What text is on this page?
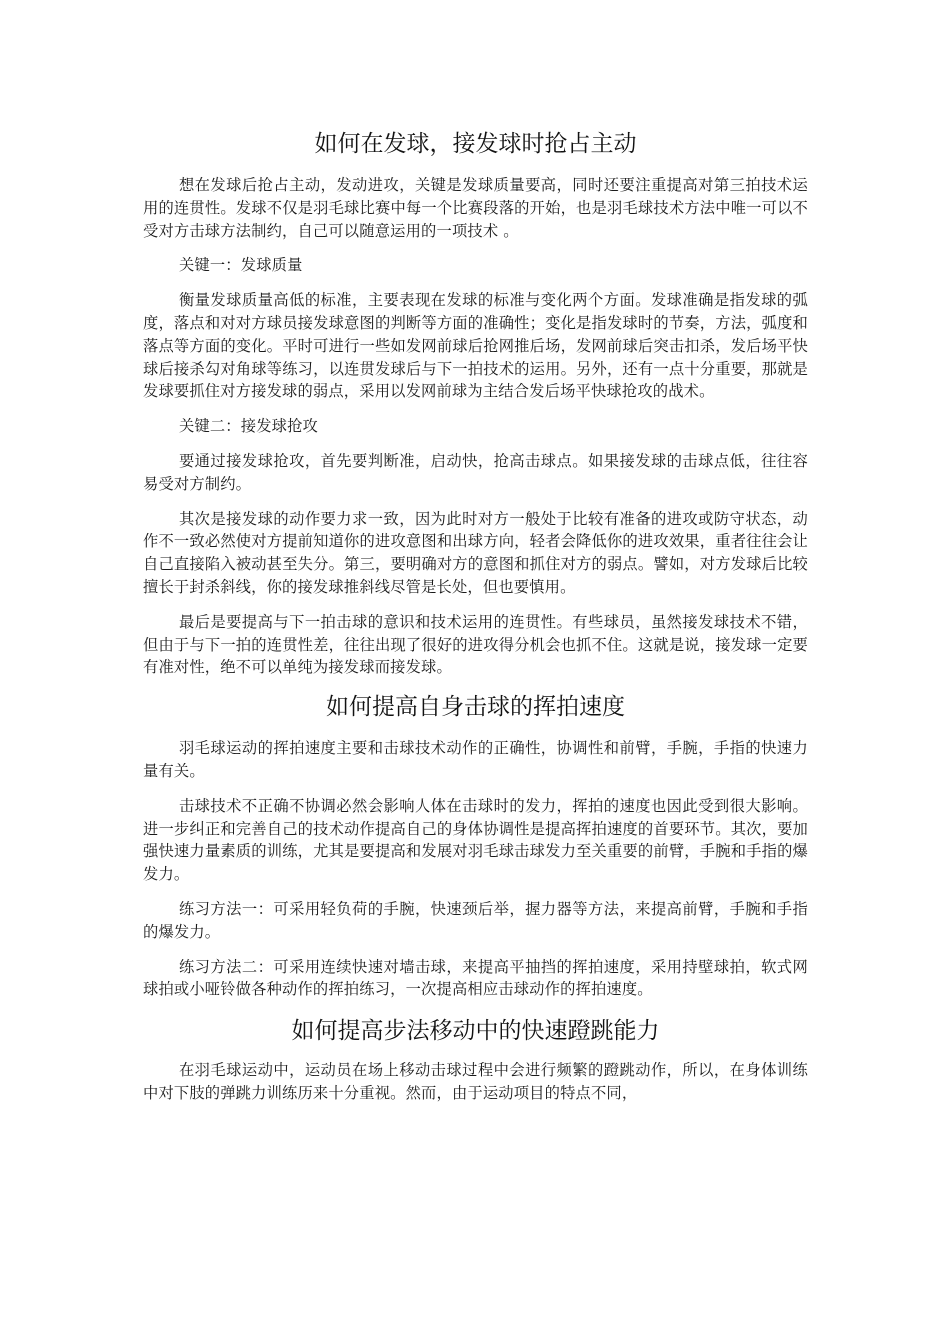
如何在发球，接发球时抢占主动

想在发球后抢占主动，发动进攻，关键是发球质量要高，同时还要注重提高对第三拍技术运用的连贯性。发球不仅是羽毛球比赛中每一个比赛段落的开始，也是羽毛球技术方法中唯一可以不受对方击球方法制约，自己可以随意运用的一项技术 。

关键一：发球质量

衡量发球质量高低的标准，主要表现在发球的标准与变化两个方面。发球准确是指发球的弧度，落点和对对方球员接发球意图的判断等方面的准确性；变化是指发球时的节奏，方法，弧度和落点等方面的变化。平时可进行一些如发网前球后抢网推后场，发网前球后突击扣杀，发后场平快球后接杀勾对角球等练习，以连贯发球后与下一拍技术的运用。另外，还有一点十分重要，那就是发球要抓住对方接发球的弱点，采用以发网前球为主结合发后场平快球抢攻的战术。

关键二：接发球抢攻

要通过接发球抢攻，首先要判断准，启动快，抢高击球点。如果接发球的击球点低，往往容易受对方制约。

其次是接发球的动作要力求一致，因为此时对方一般处于比较有准备的进攻或防守状态，动作不一致必然使对方提前知道你的进攻意图和出球方向，轻者会降低你的进攻效果，重者往往会让自己直接陷入被动甚至失分。第三，要明确对方的意图和抓住对方的弱点。譬如，对方发球后比较擅长于封杀斜线，你的接发球推斜线尽管是长处，但也要慎用。

最后是要提高与下一拍击球的意识和技术运用的连贯性。有些球员，虽然接发球技术不错，但由于与下一拍的连贯性差，往往出现了很好的进攻得分机会也抓不住。这就是说，接发球一定要有准对性，绝不可以单纯为接发球而接发球。

如何提高自身击球的挥拍速度

羽毛球运动的挥拍速度主要和击球技术动作的正确性，协调性和前臂，手腕，手指的快速力量有关。

击球技术不正确不协调必然会影响人体在击球时的发力，挥拍的速度也因此受到很大影响。进一步纠正和完善自己的技术动作提高自己的身体协调性是提高挥拍速度的首要环节。其次，要加强快速力量素质的训练，尤其是要提高和发展对羽毛球击球发力至关重要的前臂，手腕和手指的爆发力。

练习方法一：可采用轻负荷的手腕，快速颈后举，握力器等方法，来提高前臂，手腕和手指的爆发力。

练习方法二：可采用连续快速对墙击球，来提高平抽挡的挥拍速度，采用持壁球拍，软式网球拍或小哑铃做各种动作的挥拍练习，一次提高相应击球动作的挥拍速度。

如何提高步法移动中的快速蹬跳能力

在羽毛球运动中，运动员在场上移动击球过程中会进行频繁的蹬跳动作，所以，在身体训练中对下肢的弹跳力训练历来十分重视。然而，由于运动项目的特点不同，
